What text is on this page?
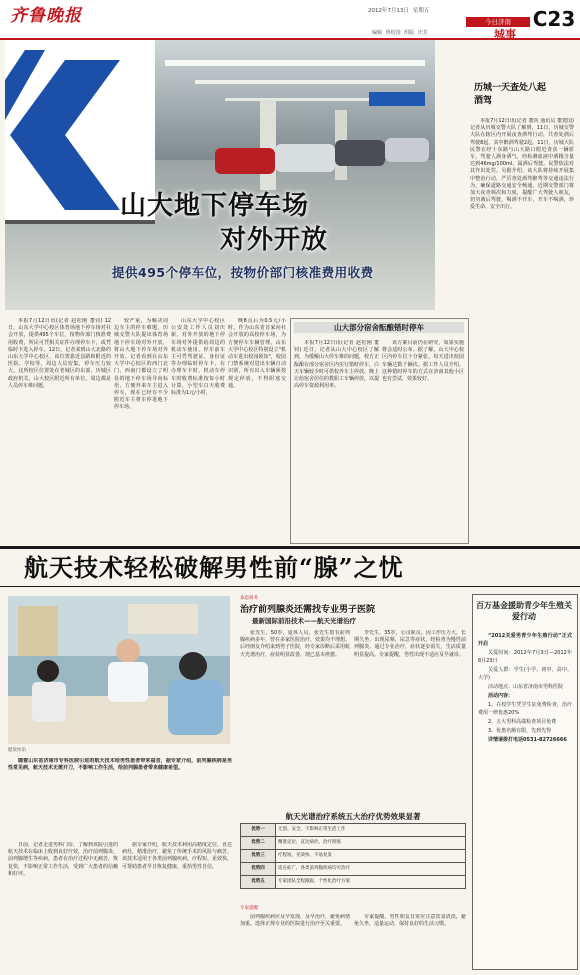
齐鲁晚报	2012年7月13日 星期五
今日济南
城事
编辑 鲁绍国 组版 庆芳
C23
山大地下停车场
对外开放
提供495个停车位，按物价部门核准费用收费
历城一天查处八起酒驾

本报7月12日讯(记者 董钊 通讯员 董建国)记者从历城交警大队了解到，11日，历城交警大队在辖区内开展夜查酒驾行动，共查处酒后驾驶8起，其中醉酒驾驶2起。11日，历城大队民警在经十东路与山大路口附近查获一辆轿车，驾驶人满身酒气，经检测血液中酒精含量达到46mg/100ml，属酒后驾驶。民警依法对其作出处罚。另据介绍，该大队将持续开展集中整治行动，严厉查处酒驾醉驾等交通违法行为，确保道路交通安全畅通。近期交警部门将加大夜查频次和力度，提醒广大驾驶人朋友，切勿酒后驾驶，喝酒不开车，开车不喝酒，珍爱生命，安全出行。

本报7月12日讯(记者 赵松刚 董钊) 12日，山东大学中心校区体育场地下停车场对社会开放，提供495个车位，按物价部门核准费用收费，所民可凭相关证件办理停车卡，或凭临时卡进入停车。12日，记者来到山大北路的山东大学中心校区，该位置靠近县路和附近的医院、学校等，周边人员密集，停车压力较大。这所校区位置处在老城区的东部，历城区政府机关、山大校区附近所有单位，周边都是人员停车难问题。

较严重，为解决周边车主的停车难题，历城交警大队提出体育场地下停车场对外开放，将山大地下停车场对外开放。记者看到在山东大学中心校区的西门北门，西南门都设立了明显的地下停车场导向标语，方便外来车主进入停车，现在已经有不少附近车主将车停进地下停车场。

山东大学中心校区公安处工作人员刘庆新，对外开放的地下停车场对外提供给周边的机动车使用，停车前车主可凭驾驶证、身份证等办理临时停车卡，在办理车卡时，机动车停车时收费标准按每小时计算，小型车白天收费标准为1元/小时，

晚8点后为0.5元/小时。作为山东省首家向社会开放的高校停车场，为方便停车车辆管理，山东大学中心校区特别设立"机动车进出校园须知"，校园门禁系统对进出车辆自动识别，所有出入车辆须按规定停放，不得阻塞交通。

山大部分宿舍酝酿错时停车

本报7月12日讯(记者 赵松刚 董钊) 近日，记者从山大中心校区了解到，为缓解山大停车难的问题，校方正酝酿在部分宿舍区内实行错时停车，白天车辆较少时可供校外车主停放，晚上让给宿舍居住的教职工车辆停放，以提高停车资源利用率。

该方案目前仍在研究，如果实施将会适时公布。据了解，山大中心校区内停车位十分紧张，每天进出校园车辆达数千辆次。据工作人员介绍，这种错时停车的方式在济南其他小区也有尝试，效果较好。

航天技术轻松破解男性前“腺”之忧
健康快讯

随着山东省济南市专科医院引进的航天技术给男性患者带来福音，据专家介绍，前列腺疾病是男性常见病，航天技术无需开刀，不影响工作生活，给前列腺患者带来健康希望。

日前，记者走进男科门诊，了解到该院引进的航天技术在临床上收到良好疗效，治疗前列腺炎、前列腺增生等疾病，患者在治疗过程中无痛苦，恢复快，不影响正常工作生活，受到广大患者的信赖和好评。

据专家介绍，航天技术利用高精度定位，直达病灶，精准治疗，避免了传统手术的风险与痛苦。该技术适用于各类前列腺疾病，疗程短、见效快，可帮助患者早日恢复健康，重拾男性自信。

泰恩商务
治疗前列腺炎还需找专业男子医院
最新国际前沿技术——航天光谱治疗

张先生，50岁，退休人员。张先生患有前列腺疾病多年，曾在多家医院治疗，效果均不理想。后经朋友介绍来到男子医院，经专家诊断后采用航天光谱治疗，症状明显改善，现已基本痊愈。

李先生，35岁，公司职员。因工作压力大，长期久坐，出现尿频、尿急等症状，经检查为慢性前列腺炎。通过专业治疗，症状逐步消失，生活质量明显提高。专家提醒，男性出现不适应及早就诊。

航天光谱治疗系统五大治疗优势效果显著
优势一	无创、安全、不影响正常生活工作
优势二	精准定位，直达病灶，治疗彻底
优势三	疗程短、见效快、不易复发
优势四	适应症广，各类前列腺疾病均可治疗
优势五	专家团队全程跟踪，个性化治疗方案
专家提醒

前列腺疾病应及早发现、及早治疗，避免病情加重。选择正规专业的医院进行治疗至关重要。

专家提醒，男性朋友日常应注意饮食清淡，避免久坐，适量运动，保持良好的生活习惯。

百万基金援助青少年生殖关爱行动

“2012关爱男青少年生殖行动”正式开启

关爱时间：2012年7月3日—2012年8月23日

关爱人群：学生(小学、初中、高中、大学)

活动地点：山东省济南市男科医院

活动内容：

1、在校学生凭学生证免费检查，治疗费用一律优惠20%

2、五大男科高端检查项目免费

3、优惠名额有限，先到先得

详情请拨打电话0531-82726666
